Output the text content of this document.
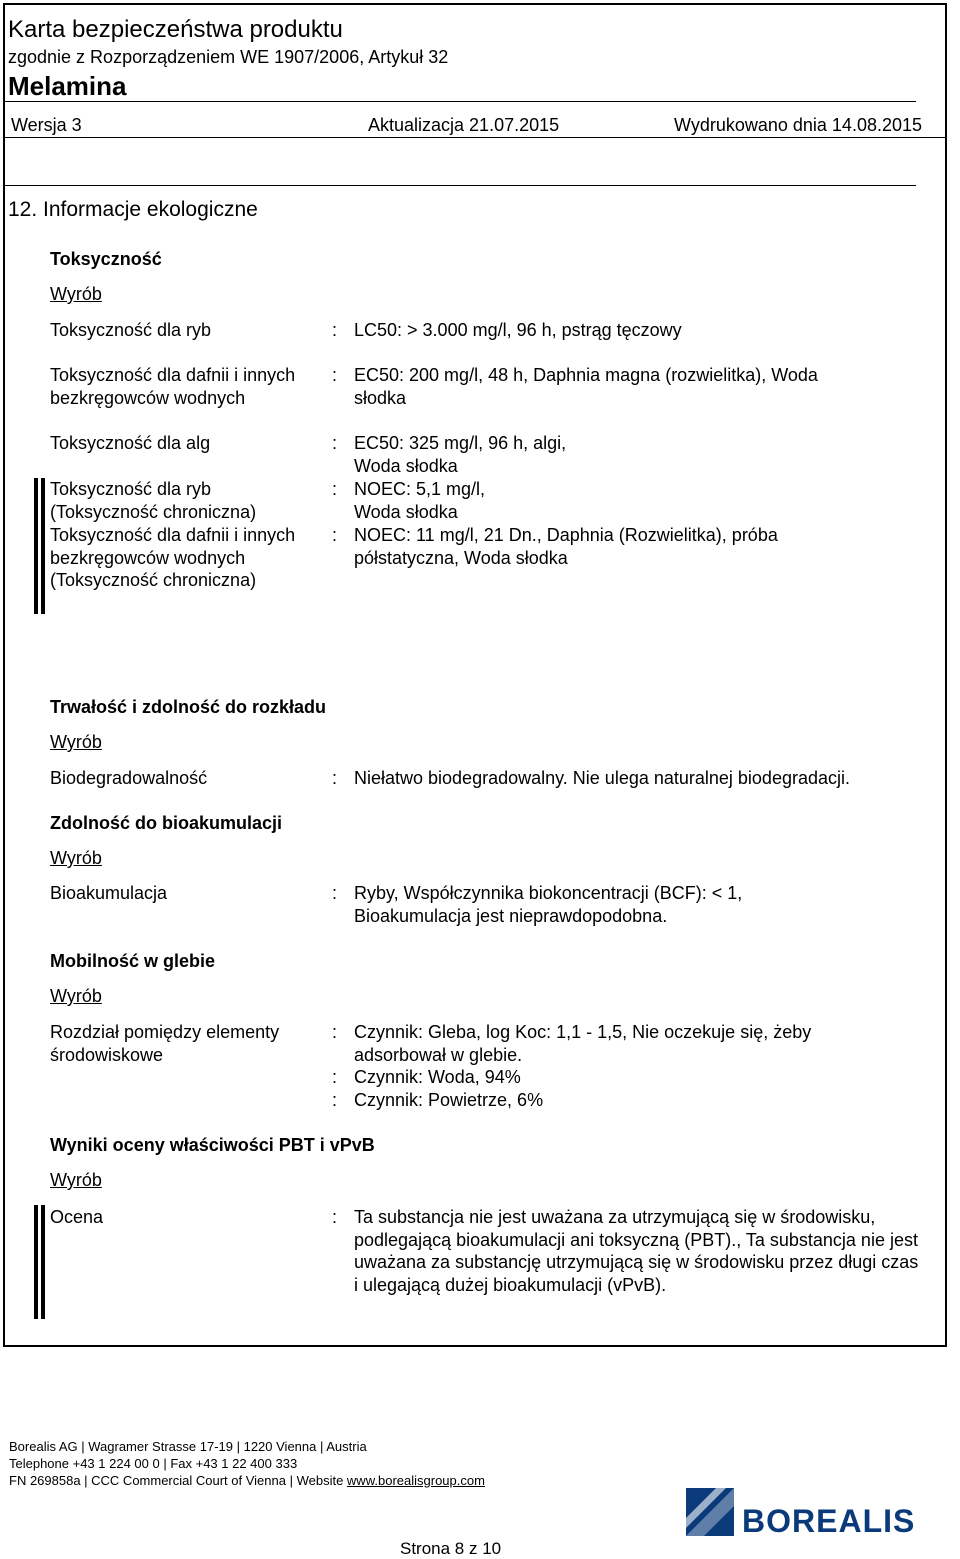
Karta bezpieczeństwa produktu
zgodnie z Rozporządzeniem WE 1907/2006, Artykuł 32
Melamina
Wersja 3	Aktualizacja 21.07.2015	Wydrukowano dnia 14.08.2015
12. Informacje ekologiczne
Toksyczność
Wyrób
Toksyczność dla ryb	: LC50: > 3.000 mg/l, 96 h, pstrąg tęczowy
Toksyczność dla dafnii i innych bezkręgowców wodnych
: EC50: 200 mg/l, 48 h, Daphnia magna (rozwielitka), Woda słodka
Toksyczność dla alg	: EC50: 325 mg/l, 96 h, algi, Woda słodka
Toksyczność dla ryb (Toksyczność chroniczna)
: NOEC: 5,1 mg/l, Woda słodka
Toksyczność dla dafnii i innych bezkręgowców wodnych (Toksyczność chroniczna)
: NOEC: 11 mg/l, 21 Dn., Daphnia (Rozwielitka), próba półstatyczna, Woda słodka
Trwałość i zdolność do rozkładu
Wyrób
Biodegradowalność	: Niełatwo biodegradowalny. Nie ulega naturalnej biodegradacji.
Zdolność do bioakumulacji
Wyrób
Bioakumulacja	: Ryby, Współczynnika biokoncentracji (BCF): < 1, Bioakumulacja jest nieprawdopodobna.
Mobilność w glebie
Wyrób
Rozdział pomiędzy elementy środowiskowe
: Czynnik: Gleba, log Koc: 1,1 - 1,5, Nie oczekuje się, żeby adsorbował w glebie.
: Czynnik: Woda, 94%
: Czynnik: Powietrze, 6%
Wyniki oceny właściwości PBT i vPvB
Wyrób
Ocena	: Ta substancja nie jest uważana za utrzymującą się w środowisku, podlegającą bioakumulacji ani toksyczną (PBT)., Ta substancja nie jest uważana za substancję utrzymującą się w środowisku przez długi czas i ulegającą dużej bioakumulacji (vPvB).
Borealis AG | Wagramer Strasse 17-19 | 1220 Vienna | Austria
Telephone +43 1 224 00 0 | Fax +43 1 22 400 333
FN 269858a | CCC Commercial Court of Vienna | Website www.borealisgroup.com
BOREALIS
Strona 8 z 10
